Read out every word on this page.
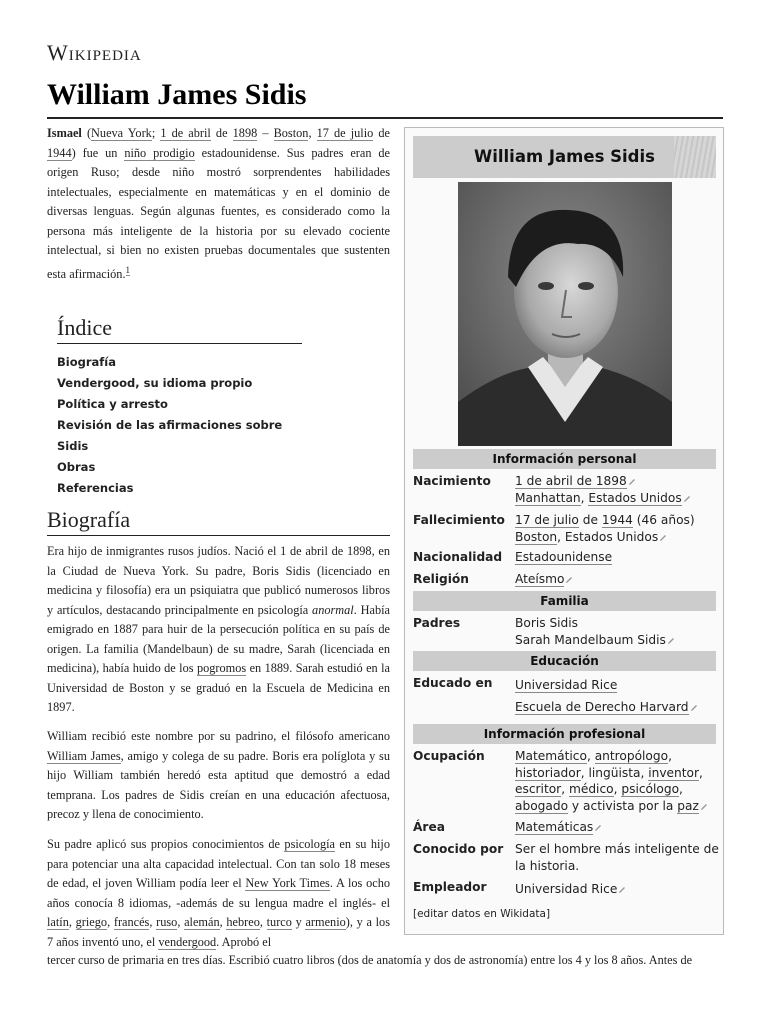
Wikipedia
William James Sidis

Ismael (Nueva York; 1 de abril de 1898 – Boston, 17 de julio de 1944) fue un niño prodigio estadounidense. Sus padres eran de origen Ruso; desde niño mostró sorprendentes habilidades intelectuales, especialmente en matemáticas y en el dominio de diversas lenguas. Según algunas fuentes, es considerado como la persona más inteligente de la historia por su elevado cociente intelectual, si bien no existen pruebas documentales que sustenten esta afirmación.$^1$

Índice
Biografía
Vendergood, su idioma propio
Política y arresto
Revisión de las afirmaciones sobre Sidis
Obras
Referencias
Biografía

Era hijo de inmigrantes rusos judíos. Nació el 1 de abril de 1898, en la Ciudad de Nueva York. Su padre, Boris Sidis (licenciado en medicina y filosofía) era un psiquiatra que publicó numerosos libros y artículos, destacando principalmente en psicología anormal. Había emigrado en 1887 para huir de la persecución política en su país de origen. La familia (Mandelbaun) de su madre, Sarah (licenciada en medicina), había huido de los pogromos en 1889. Sarah estudió en la Universidad de Boston y se graduó en la Escuela de Medicina en 1897.

William recibió este nombre por su padrino, el filósofo americano William James, amigo y colega de su padre. Boris era políglota y su hijo William también heredó esta aptitud que demostró a edad temprana. Los padres de Sidis creían en una educación afectuosa, precoz y llena de conocimiento.

Su padre aplicó sus propios conocimientos de psicología en su hijo para potenciar una alta capacidad intelectual. Con tan solo 18 meses de edad, el joven William podía leer el New York Times. A los ocho años conocía 8 idiomas, -además de su lengua madre el inglés- el latín, griego, francés, ruso, alemán, hebreo, turco y armenio), y a los 7 años inventó uno, el vendergood. Aprobó el

tercer curso de primaria en tres días. Escribió cuatro libros (dos de anatomía y dos de astronomía) entre los 4 y los 8 años. Antes de
William James Sidis
Información personal
Nacimiento	1 de abril de 1898
Manhattan, Estados Unidos
Fallecimiento 17 de julio de 1944 (46 años)
Boston, Estados Unidos
Nacionalidad	Estadounidense
Religión	Ateísmo
Familia
Padres	Boris Sidis
Sarah Mandelbaum Sidis
Educación
Educado en	Universidad Rice
Escuela de Derecho Harvard
Información profesional
Ocupación	Matemático, antropólogo,
historiador, lingüista, inventor,
escritor, médico, psicólogo,
abogado y activista por la paz
Área	Matemáticas
Conocido por Ser el hombre más inteligente de la historia.
Empleador	Universidad Rice
[editar datos en Wikidata]
